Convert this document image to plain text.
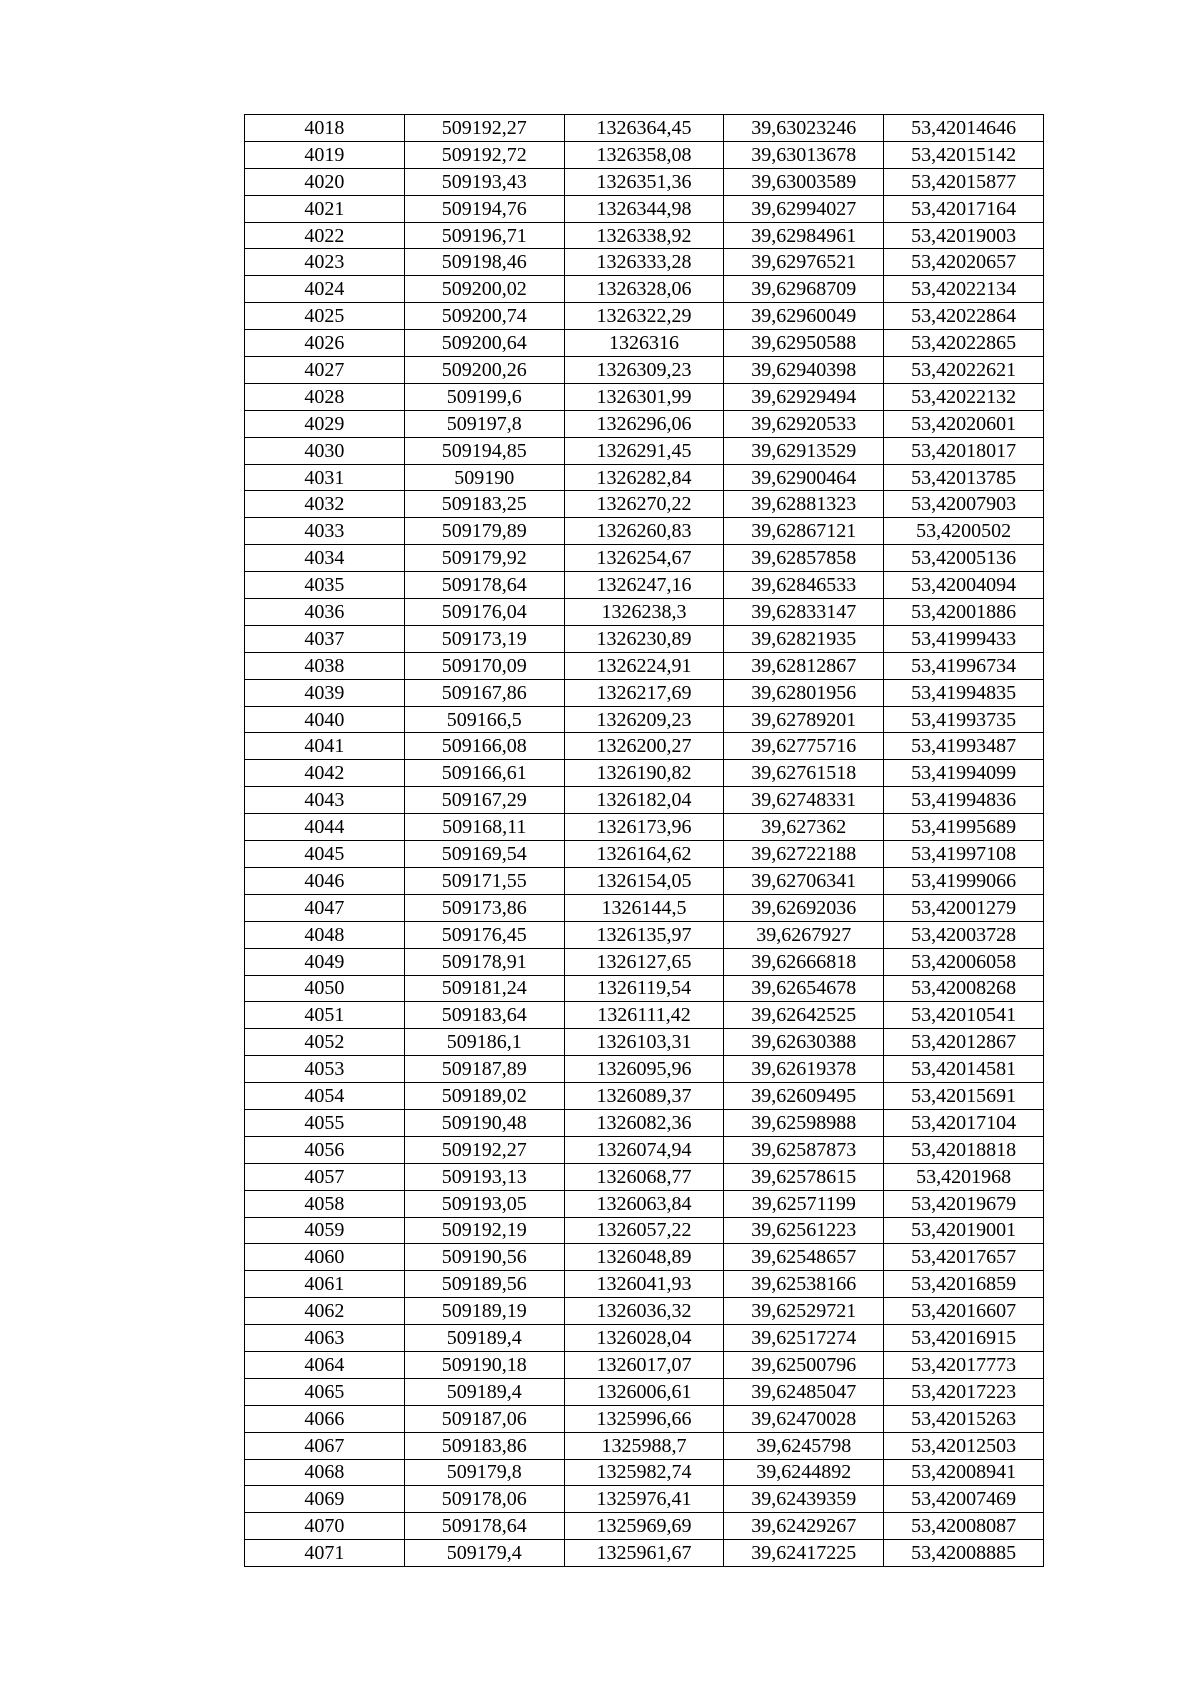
4018	509192,27	1326364,45	39,63023246	53,42014646
4019	509192,72	1326358,08	39,63013678	53,42015142
4020	509193,43	1326351,36	39,63003589	53,42015877
4021	509194,76	1326344,98	39,62994027	53,42017164
4022	509196,71	1326338,92	39,62984961	53,42019003
4023	509198,46	1326333,28	39,62976521	53,42020657
4024	509200,02	1326328,06	39,62968709	53,42022134
4025	509200,74	1326322,29	39,62960049	53,42022864
4026	509200,64	1326316	39,62950588	53,42022865
4027	509200,26	1326309,23	39,62940398	53,42022621
4028	509199,6	1326301,99	39,62929494	53,42022132
4029	509197,8	1326296,06	39,62920533	53,42020601
4030	509194,85	1326291,45	39,62913529	53,42018017
4031	509190	1326282,84	39,62900464	53,42013785
4032	509183,25	1326270,22	39,62881323	53,42007903
4033	509179,89	1326260,83	39,62867121	53,4200502
4034	509179,92	1326254,67	39,62857858	53,42005136
4035	509178,64	1326247,16	39,62846533	53,42004094
4036	509176,04	1326238,3	39,62833147	53,42001886
4037	509173,19	1326230,89	39,62821935	53,41999433
4038	509170,09	1326224,91	39,62812867	53,41996734
4039	509167,86	1326217,69	39,62801956	53,41994835
4040	509166,5	1326209,23	39,62789201	53,41993735
4041	509166,08	1326200,27	39,62775716	53,41993487
4042	509166,61	1326190,82	39,62761518	53,41994099
4043	509167,29	1326182,04	39,62748331	53,41994836
4044	509168,11	1326173,96	39,627362	53,41995689
4045	509169,54	1326164,62	39,62722188	53,41997108
4046	509171,55	1326154,05	39,62706341	53,41999066
4047	509173,86	1326144,5	39,62692036	53,42001279
4048	509176,45	1326135,97	39,6267927	53,42003728
4049	509178,91	1326127,65	39,62666818	53,42006058
4050	509181,24	1326119,54	39,62654678	53,42008268
4051	509183,64	1326111,42	39,62642525	53,42010541
4052	509186,1	1326103,31	39,62630388	53,42012867
4053	509187,89	1326095,96	39,62619378	53,42014581
4054	509189,02	1326089,37	39,62609495	53,42015691
4055	509190,48	1326082,36	39,62598988	53,42017104
4056	509192,27	1326074,94	39,62587873	53,42018818
4057	509193,13	1326068,77	39,62578615	53,4201968
4058	509193,05	1326063,84	39,62571199	53,42019679
4059	509192,19	1326057,22	39,62561223	53,42019001
4060	509190,56	1326048,89	39,62548657	53,42017657
4061	509189,56	1326041,93	39,62538166	53,42016859
4062	509189,19	1326036,32	39,62529721	53,42016607
4063	509189,4	1326028,04	39,62517274	53,42016915
4064	509190,18	1326017,07	39,62500796	53,42017773
4065	509189,4	1326006,61	39,62485047	53,42017223
4066	509187,06	1325996,66	39,62470028	53,42015263
4067	509183,86	1325988,7	39,6245798	53,42012503
4068	509179,8	1325982,74	39,6244892	53,42008941
4069	509178,06	1325976,41	39,62439359	53,42007469
4070	509178,64	1325969,69	39,62429267	53,42008087
4071	509179,4	1325961,67	39,62417225	53,42008885
